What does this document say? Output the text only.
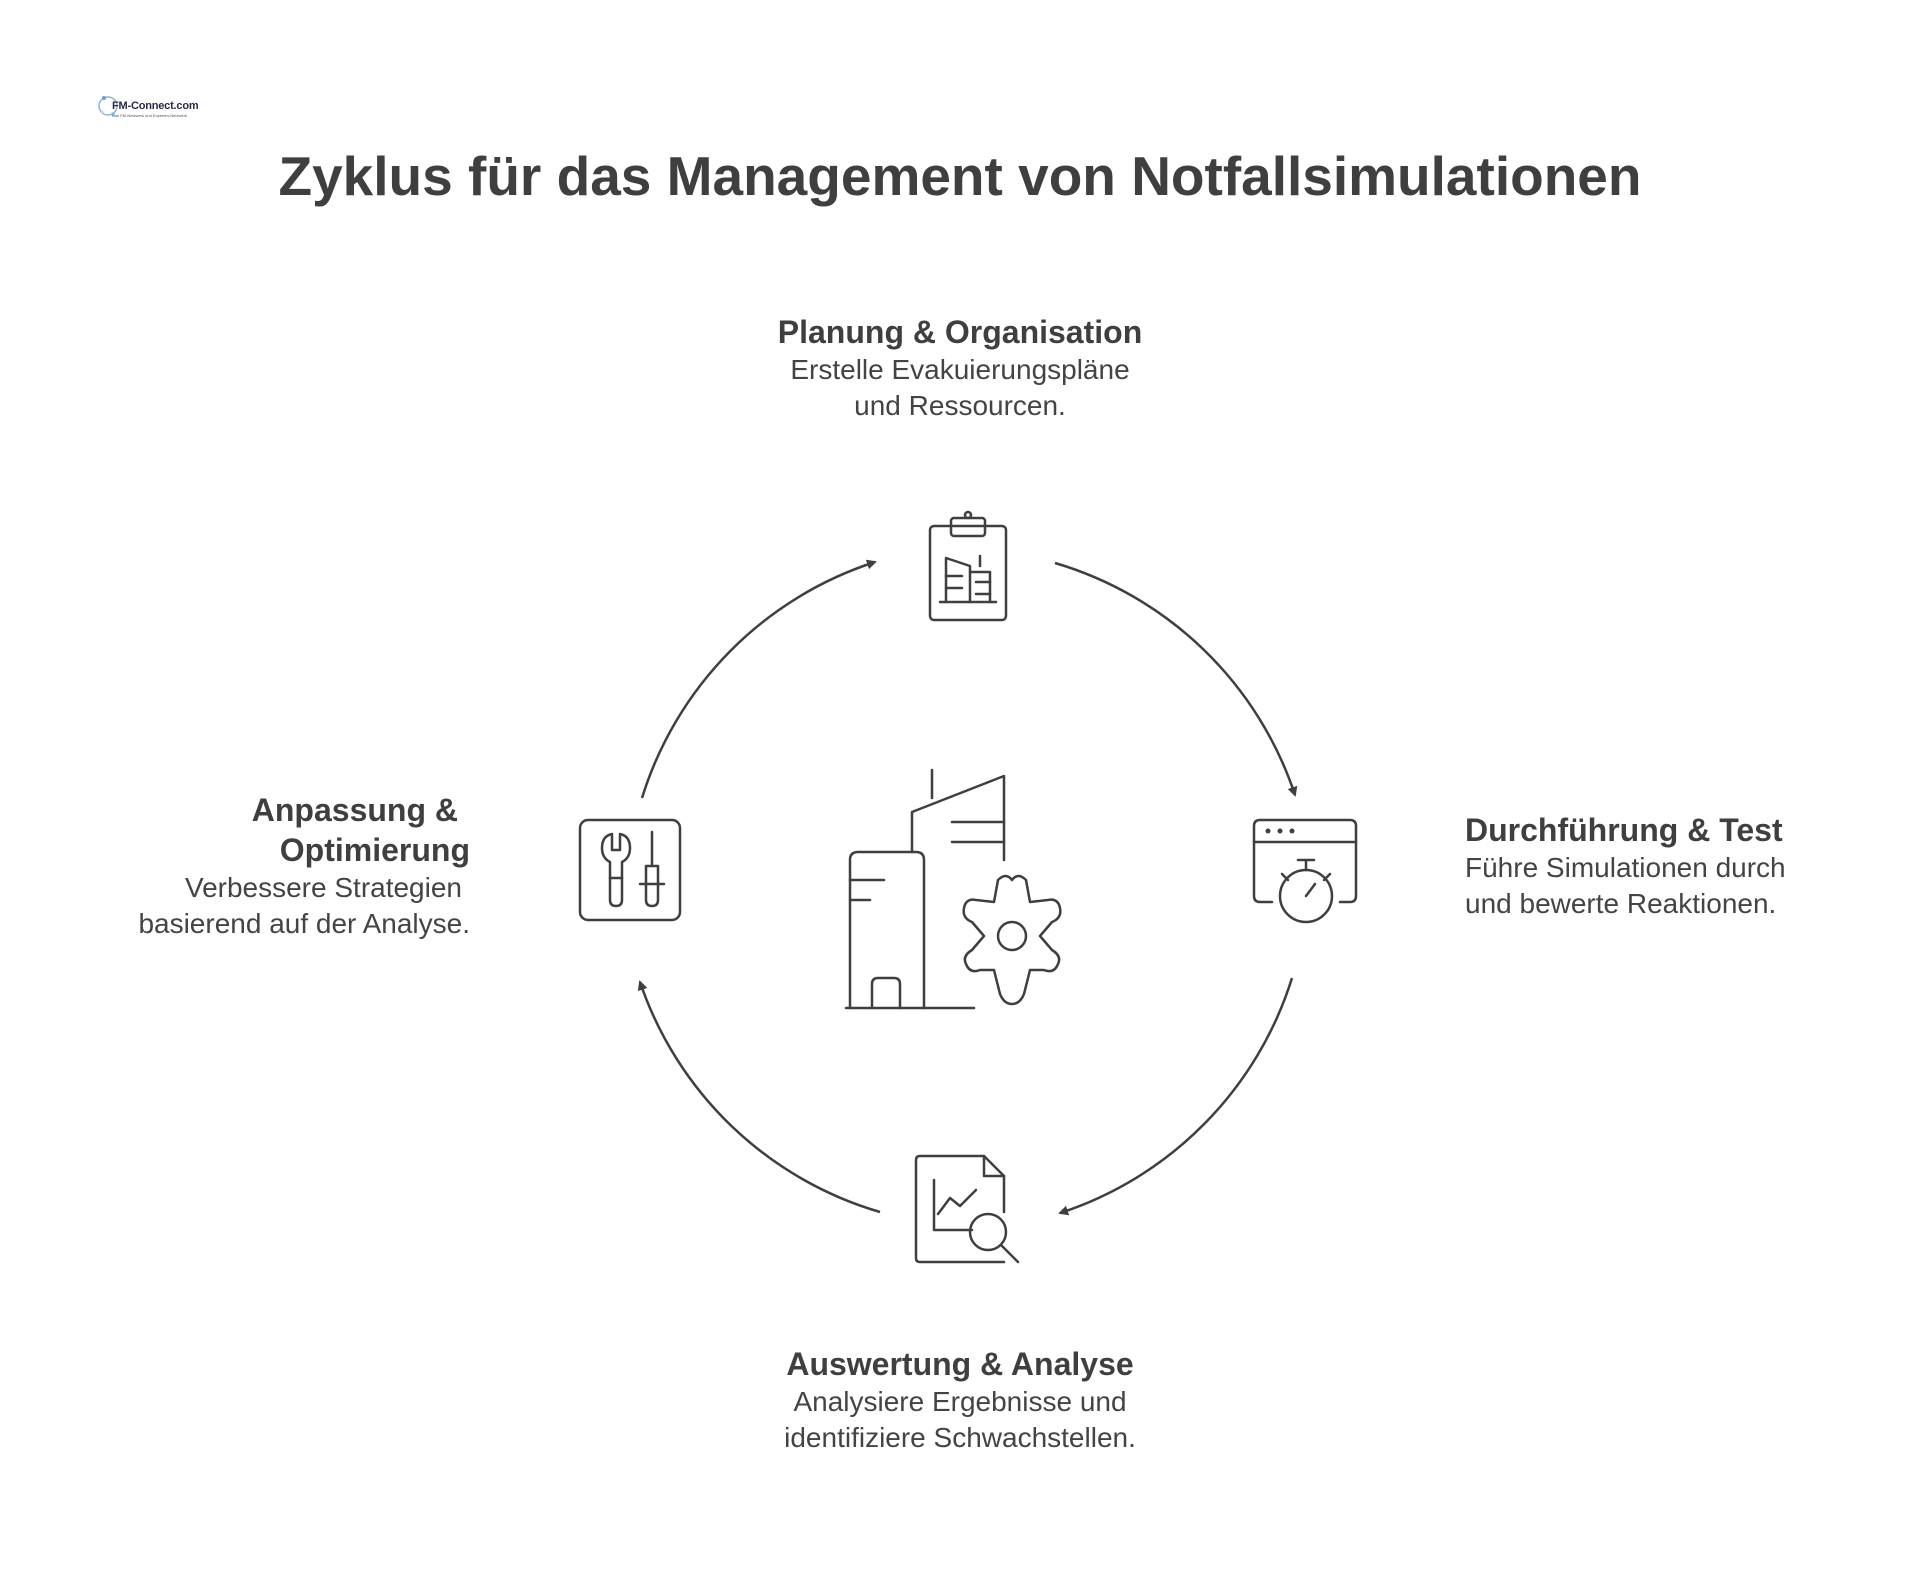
FM-Connect.com
Das FM-Netzwerk und Experten-Netzwerk
Zyklus für das Management von Notfallsimulationen
Planung & Organisation
Erstelle Evakuierungspläne
und Ressourcen.
Durchführung & Test
Führe Simulationen durch
und bewerte Reaktionen.
Auswertung & Analyse
Analysiere Ergebnisse und
identifiziere Schwachstellen.
Anpassung &
Optimierung
Verbessere Strategien
basierend auf der Analyse.
